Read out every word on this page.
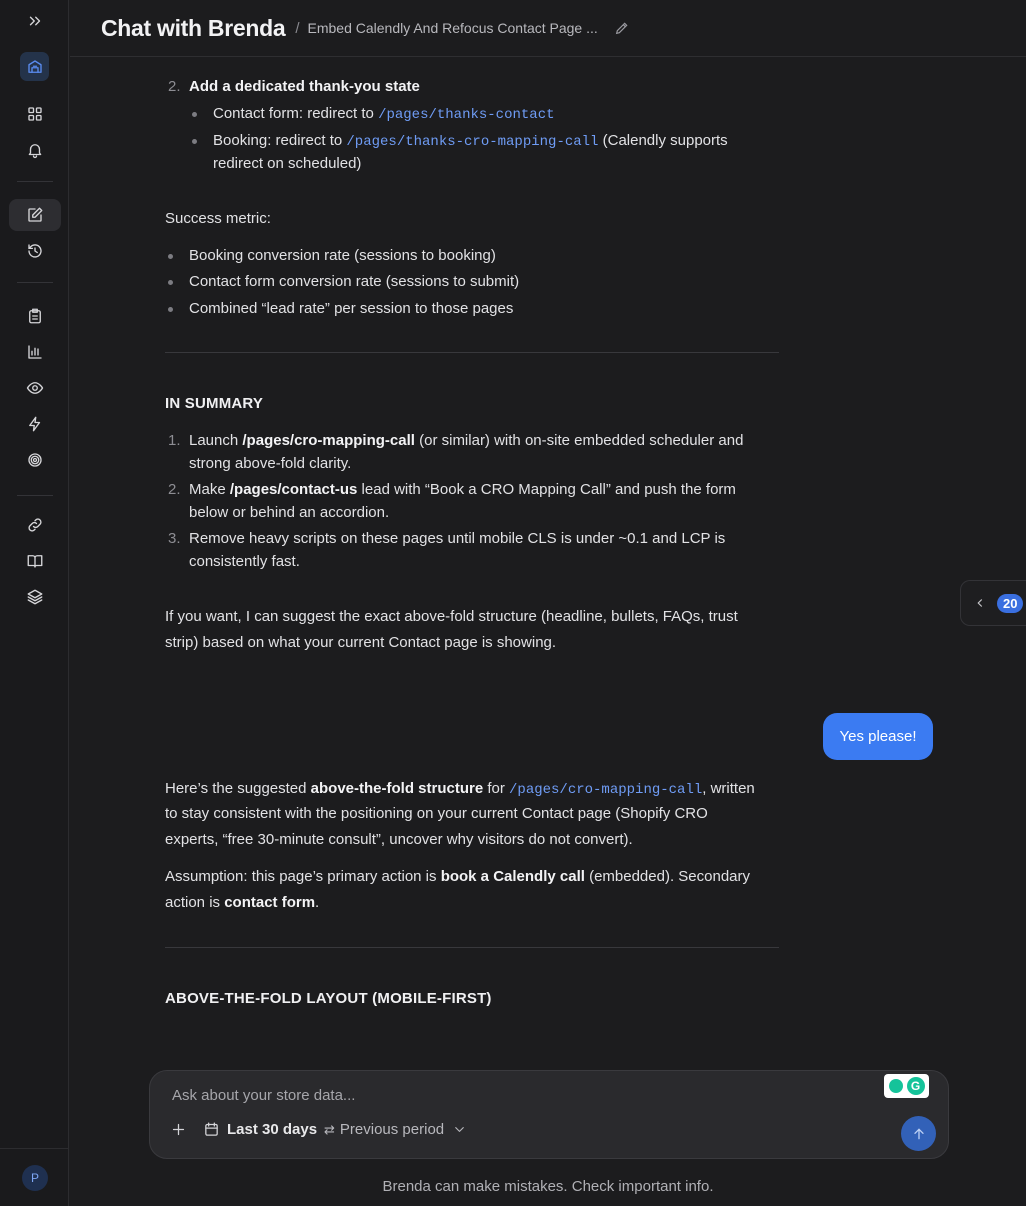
P
Chat with Brenda / Embed Calendly And Refocus Contact Page ...
2. Add a dedicated thank-you state
Contact form: redirect to /pages/thanks-contact
Booking: redirect to /pages/thanks-cro-mapping-call (Calendly supports
redirect on scheduled)
Success metric:
Booking conversion rate (sessions to booking)
Contact form conversion rate (sessions to submit)
Combined “lead rate” per session to those pages
IN SUMMARY
1. Launch /pages/cro-mapping-call (or similar) with on-site embedded scheduler and
strong above-fold clarity.
2. Make /pages/contact-us lead with “Book a CRO Mapping Call” and push the form
below or behind an accordion.
3. Remove heavy scripts on these pages until mobile CLS is under ~0.1 and LCP is
consistently fast.
If you want, I can suggest the exact above-fold structure (headline, bullets, FAQs, trust
strip) based on what your current Contact page is showing.
Here’s the suggested above-the-fold structure for /pages/cro-mapping-call, written
to stay consistent with the positioning on your current Contact page (Shopify CRO
experts, “free 30-minute consult”, uncover why visitors do not convert).
Assumption: this page’s primary action is book a Calendly call (embedded). Secondary
action is contact form.
ABOVE-THE-FOLD LAYOUT (MOBILE-FIRST)
20
Yes please!
Ask about your store data...
G
Last 30 days ⇄ Previous period
Brenda can make mistakes. Check important info.
